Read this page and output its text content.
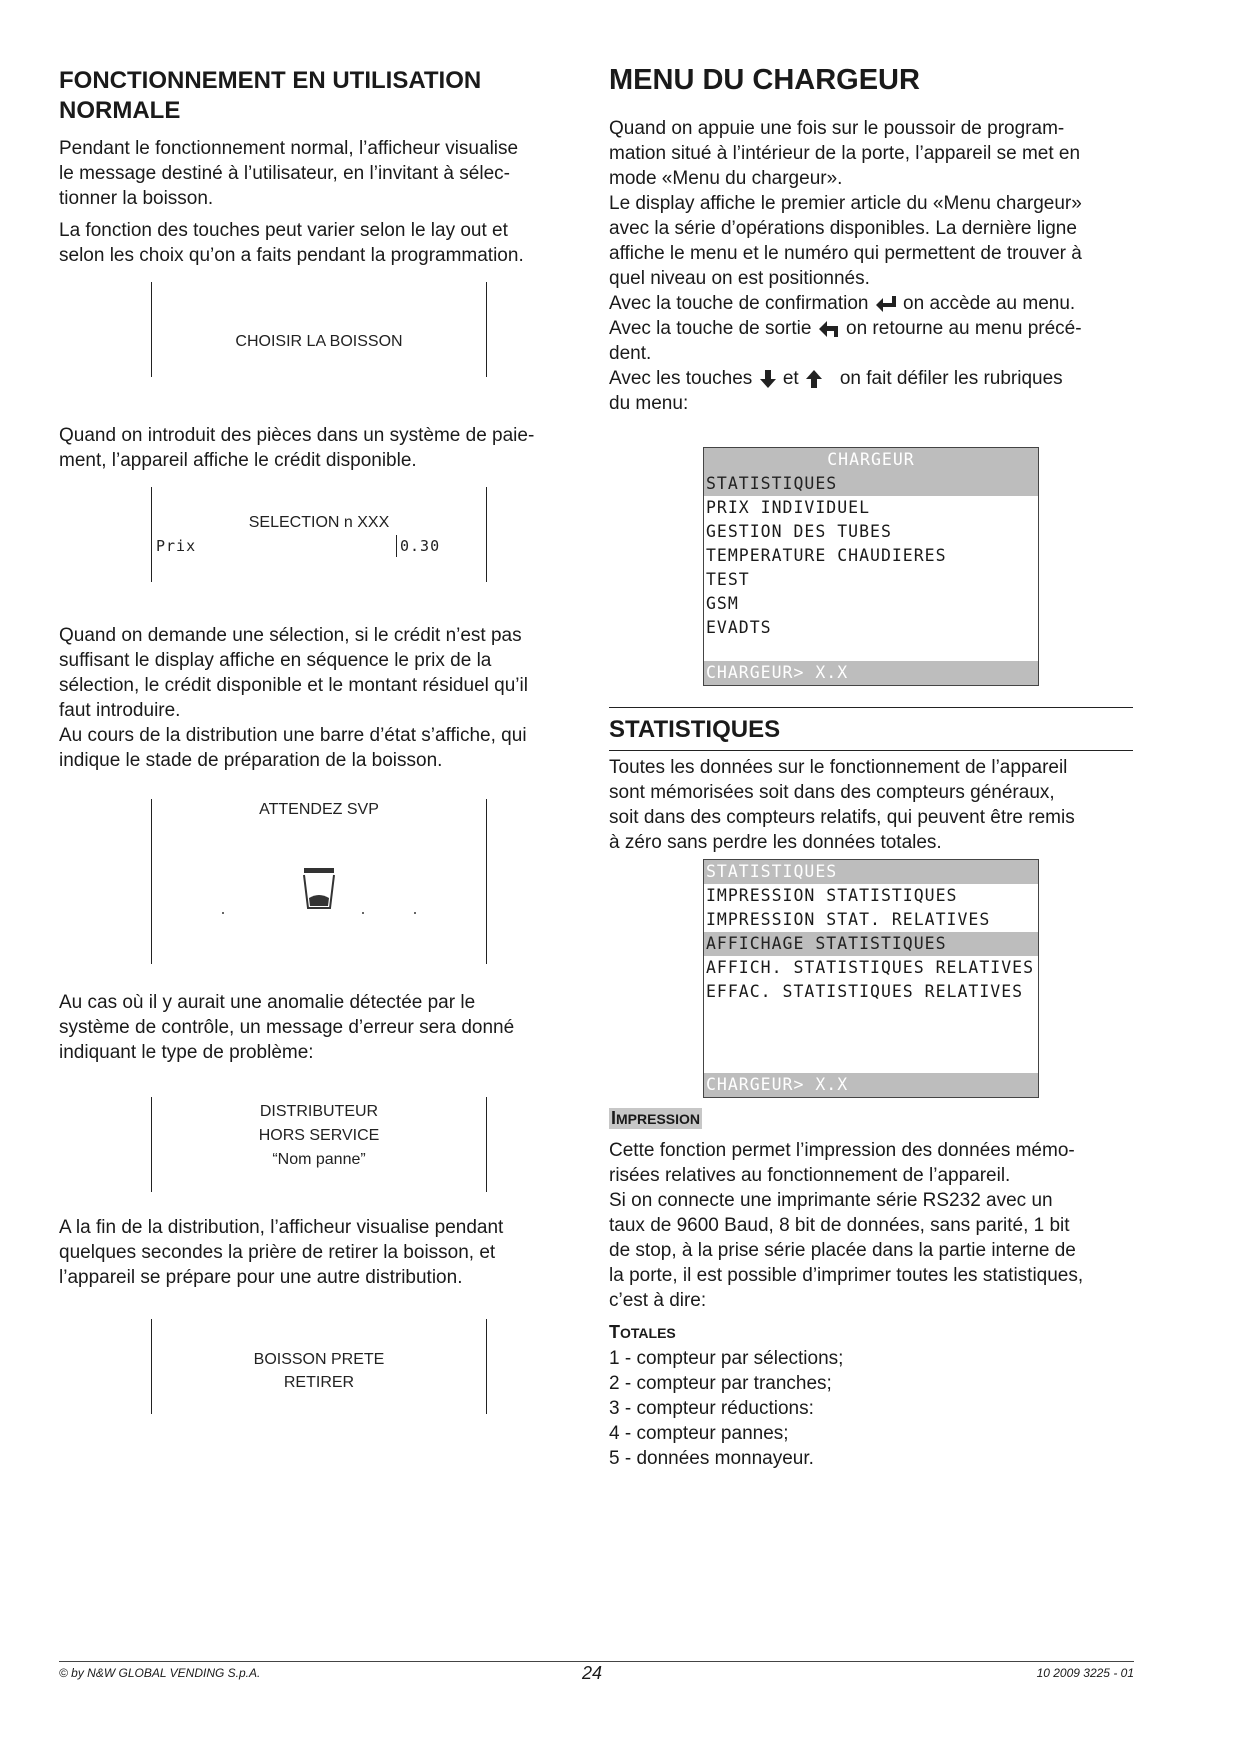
FONCTIONNEMENT EN UTILISATION
NORMALE

Pendant le fonctionnement normal, l’afficheur visualise
le message destiné à l’utilisateur, en l’invitant à sélec-
tionner la boisson.

La fonction des touches peut varier selon le lay out et
selon les choix qu’on a faits pendant la programmation.

CHOISIR LA BOISSON

Quand on introduit des pièces dans un système de paie-
ment, l’appareil affiche le crédit disponible.

SELECTION n XXX
Prix	0.30

Quand on demande une sélection, si le crédit n’est pas
suffisant le display affiche en séquence le prix de la
sélection, le crédit disponible et le montant résiduel qu’il
faut introduire.
Au cours de la distribution une barre d’état s’affiche, qui
indique le stade de préparation de la boisson.

ATTENDEZ SVP

Au cas où il y aurait une anomalie détectée par le
système de contrôle, un message d’erreur sera donné
indiquant le type de problème:

DISTRIBUTEUR
HORS SERVICE
“Nom panne”

A la fin de la distribution, l’afficheur visualise pendant
quelques secondes la prière de retirer la boisson, et
l’appareil se prépare pour une autre distribution.

BOISSON PRETE
RETIRER

MENU DU CHARGEUR

Quand on appuie une fois sur le poussoir de program-
mation situé à l’intérieur de la porte, l’appareil se met en
mode «Menu du chargeur».
Le display affiche le premier article du «Menu chargeur»
avec la série d’opérations disponibles. La dernière ligne
affiche le menu et le numéro qui permettent de trouver à
quel niveau on est positionnés.
Avec la touche de confirmation on accède au menu.
Avec la touche de sortie on retourne au menu précé-
dent.
Avec les touches et on fait défiler les rubriques
du menu:

CHARGEUR
STATISTIQUES
PRIX INDIVIDUEL
GESTION DES TUBES
TEMPERATURE CHAUDIERES
TEST
GSM
EVADTS
CHARGEUR> X.X

STATISTIQUES

Toutes les données sur le fonctionnement de l’appareil
sont mémorisées soit dans des compteurs généraux,
soit dans des compteurs relatifs, qui peuvent être remis
à zéro sans perdre les données totales.

STATISTIQUES
IMPRESSION STATISTIQUES
IMPRESSION STAT. RELATIVES
AFFICHAGE STATISTIQUES
AFFICH. STATISTIQUES RELATIVES
EFFAC. STATISTIQUES RELATIVES
CHARGEUR> X.X
IMPRESSION

Cette fonction permet l’impression des données mémo-
risées relatives au fonctionnement de l’appareil.
Si on connecte une imprimante série RS232 avec un
taux de 9600 Baud, 8 bit de données, sans parité, 1 bit
de stop, à la prise série placée dans la partie interne de
la porte, il est possible d’imprimer toutes les statistiques,
c’est à dire:

TOTALES

1 - compteur par sélections;
2 - compteur par tranches;
3 - compteur réductions:
4 - compteur pannes;
5 - données monnayeur.

© by N&W GLOBAL VENDING S.p.A.	24	10 2009 3225 - 01
